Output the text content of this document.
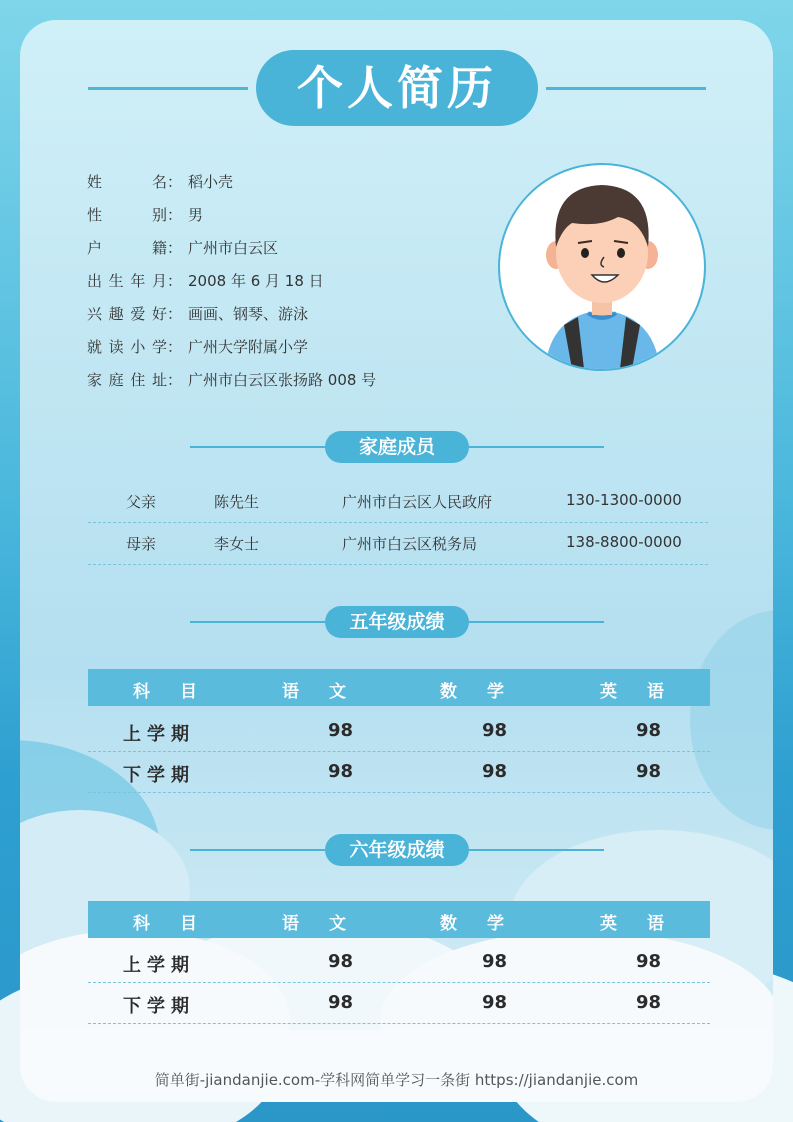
个人简历
姓名： 稻小壳
性别： 男
户籍： 广州市白云区
出生年月： 2008 年 6 月 18 日
兴趣爱好： 画画、钢琴、游泳
就读小学： 广州大学附属小学
家庭住址： 广州市白云区张扬路 008 号
家庭成员
父亲	陈先生	广州市白云区人民政府	130-1300-0000
母亲	李女士	广州市白云区税务局	138-8800-0000
五年级成绩
科目	语文	数学	英语
上学期	98	98	98
下学期	98	98	98
六年级成绩
科目	语文	数学	英语
上学期	98	98	98
下学期	98	98	98
简单街-jiandanjie.com-学科网简单学习一条街 https://jiandanjie.com
